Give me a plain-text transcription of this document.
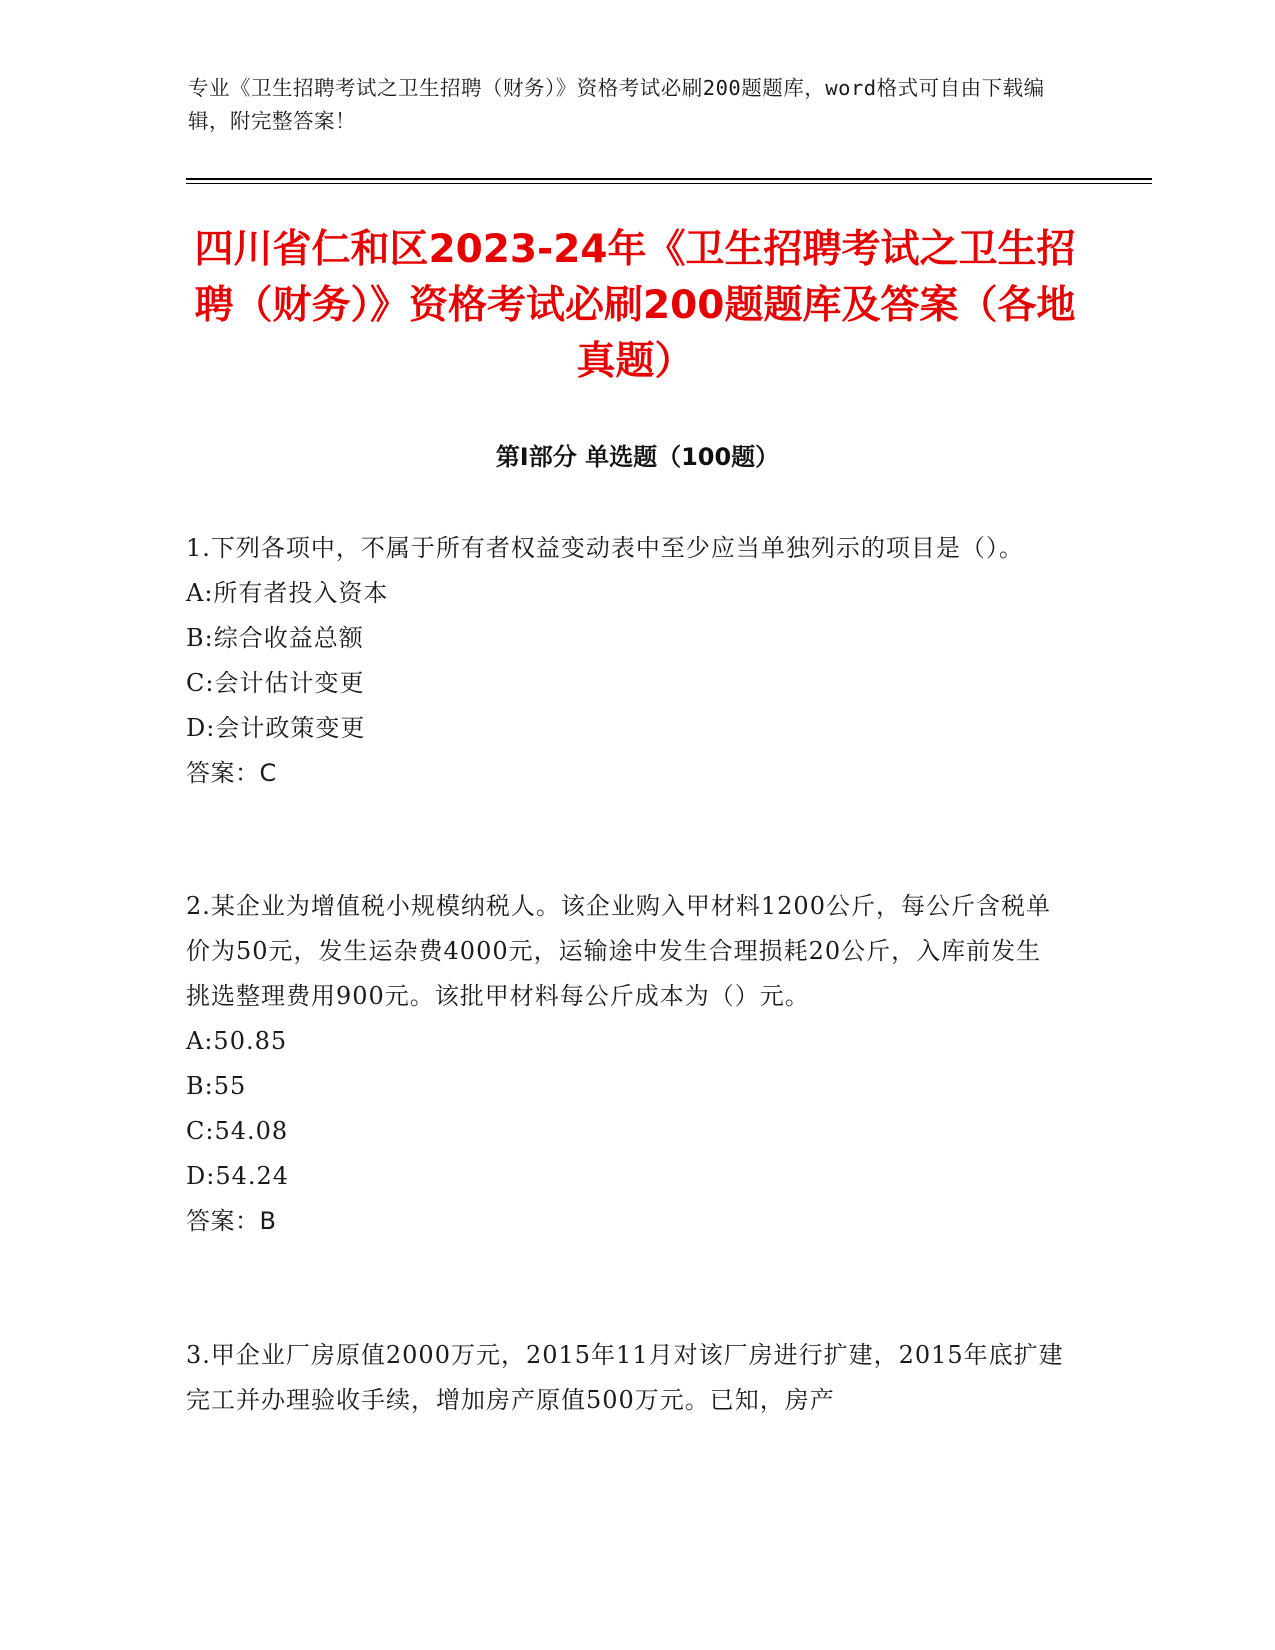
专业《卫生招聘考试之卫生招聘（财务）》资格考试必刷200题题库，word格式可自由下载编辑，附完整答案！
四川省仁和区2023-24年《卫生招聘考试之卫生招聘（财务）》资格考试必刷200题题库及答案（各地真题）
第Ⅰ部分 单选题（100题）

1.下列各项中，不属于所有者权益变动表中至少应当单独列示的项目是（）。

A:所有者投入资本

B:综合收益总额

C:会计估计变更

D:会计政策变更

答案：C

2.某企业为增值税小规模纳税人。该企业购入甲材料1200公斤，每公斤含税单价为50元，发生运杂费4000元，运输途中发生合理损耗20公斤，入库前发生挑选整理费用900元。该批甲材料每公斤成本为（）元。

A:50.85

B:55

C:54.08

D:54.24

答案：B

3.甲企业厂房原值2000万元，2015年11月对该厂房进行扩建，2015年底扩建完工并办理验收手续，增加房产原值500万元。已知，房产
